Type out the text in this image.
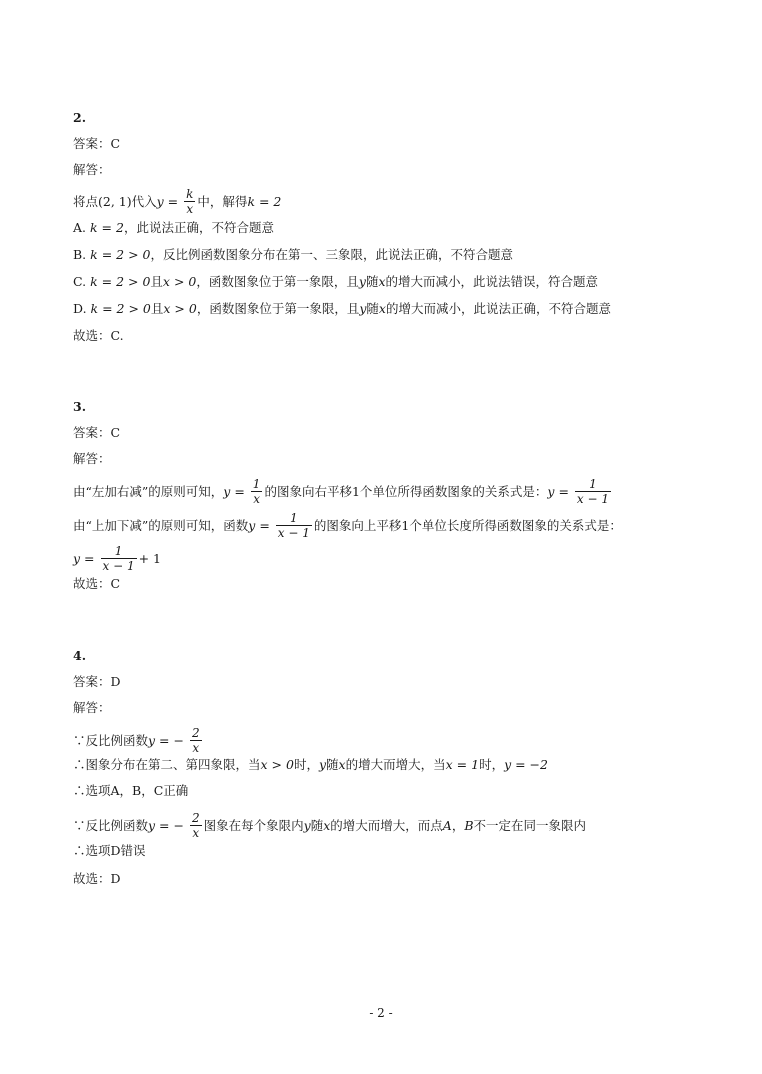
2.
答案：C
解答：
将点(2, 1)代入$y = \frac{k}{x}$ 中，解得k = 2
A. k = 2，此说法正确，不符合题意
B. k = 2 > 0，反比例函数图象分布在第一、三象限，此说法正确，不符合题意
C. k = 2 > 0且x > 0，函数图象位于第一象限，且y随x的增大而减小，此说法错误，符合题意
D. k = 2 > 0且x > 0，函数图象位于第一象限，且y随x的增大而减小，此说法正确，不符合题意
故选：C.
3.
答案：C
解答：
由“左加右减”的原则可知，$y = \frac{1}{x}$ 的图象向右平移1个单位所得函数图象的关系式是：$y = \frac{1}{x - 1}$
由“上加下减”的原则可知，函数$y = \frac{1}{x - 1}$ 的图象向上平移1个单位长度所得函数图象的关系式是：
$y = \frac{1}{x - 1} + 1$
故选：C
4.
答案：D
解答：
∵反比例函数y = − $\frac{2}{x}$
∴图象分布在第二、第四象限，当x > 0时，y随x的增大而增大，当x = 1时，y = −2
∴选项A，B，C正确
∵反比例函数y = − $\frac{2}{x}$ 图象在每个象限内y随x的增大而增大，而点A，B不一定在同一象限内
∴选项D错误
故选：D
- 2 -
